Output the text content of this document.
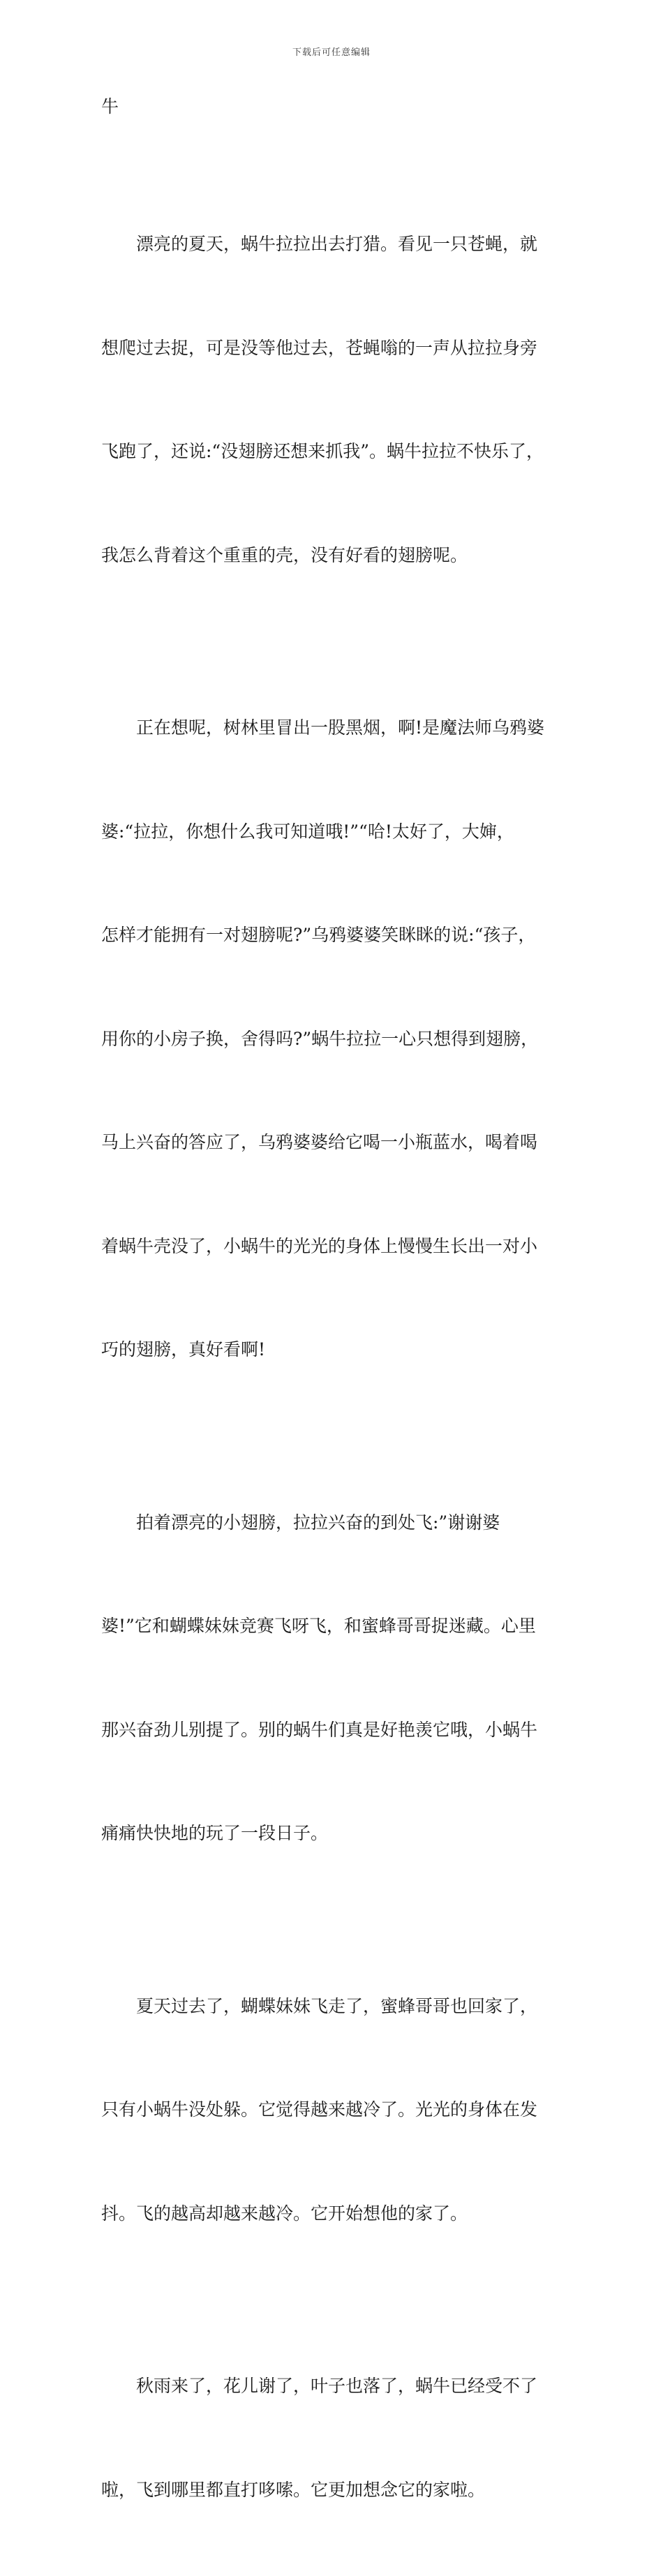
下载后可任意编辑
牛

漂亮的夏天，蜗牛拉拉出去打猎。看见一只苍蝇，就

想爬过去捉，可是没等他过去，苍蝇嗡的一声从拉拉身旁

飞跑了，还说:“没翅膀还想来抓我”。蜗牛拉拉不快乐了，

我怎么背着这个重重的壳，没有好看的翅膀呢。

正在想呢，树林里冒出一股黑烟，啊!是魔法师乌鸦婆

婆:“拉拉，你想什么我可知道哦!”“哈!太好了，大婶，

怎样才能拥有一对翅膀呢?”乌鸦婆婆笑眯眯的说:“孩子，

用你的小房子换，舍得吗?”蜗牛拉拉一心只想得到翅膀，

马上兴奋的答应了，乌鸦婆婆给它喝一小瓶蓝水，喝着喝

着蜗牛壳没了，小蜗牛的光光的身体上慢慢生长出一对小

巧的翅膀，真好看啊!

拍着漂亮的小翅膀，拉拉兴奋的到处飞:”谢谢婆

婆!”它和蝴蝶妹妹竞赛飞呀飞，和蜜蜂哥哥捉迷藏。心里

那兴奋劲儿别提了。别的蜗牛们真是好艳羡它哦，小蜗牛

痛痛快快地的玩了一段日子。

夏天过去了，蝴蝶妹妹飞走了，蜜蜂哥哥也回家了，

只有小蜗牛没处躲。它觉得越来越冷了。光光的身体在发

抖。飞的越高却越来越冷。它开始想他的家了。

秋雨来了，花儿谢了，叶子也落了，蜗牛已经受不了

啦，飞到哪里都直打哆嗦。它更加想念它的家啦。
